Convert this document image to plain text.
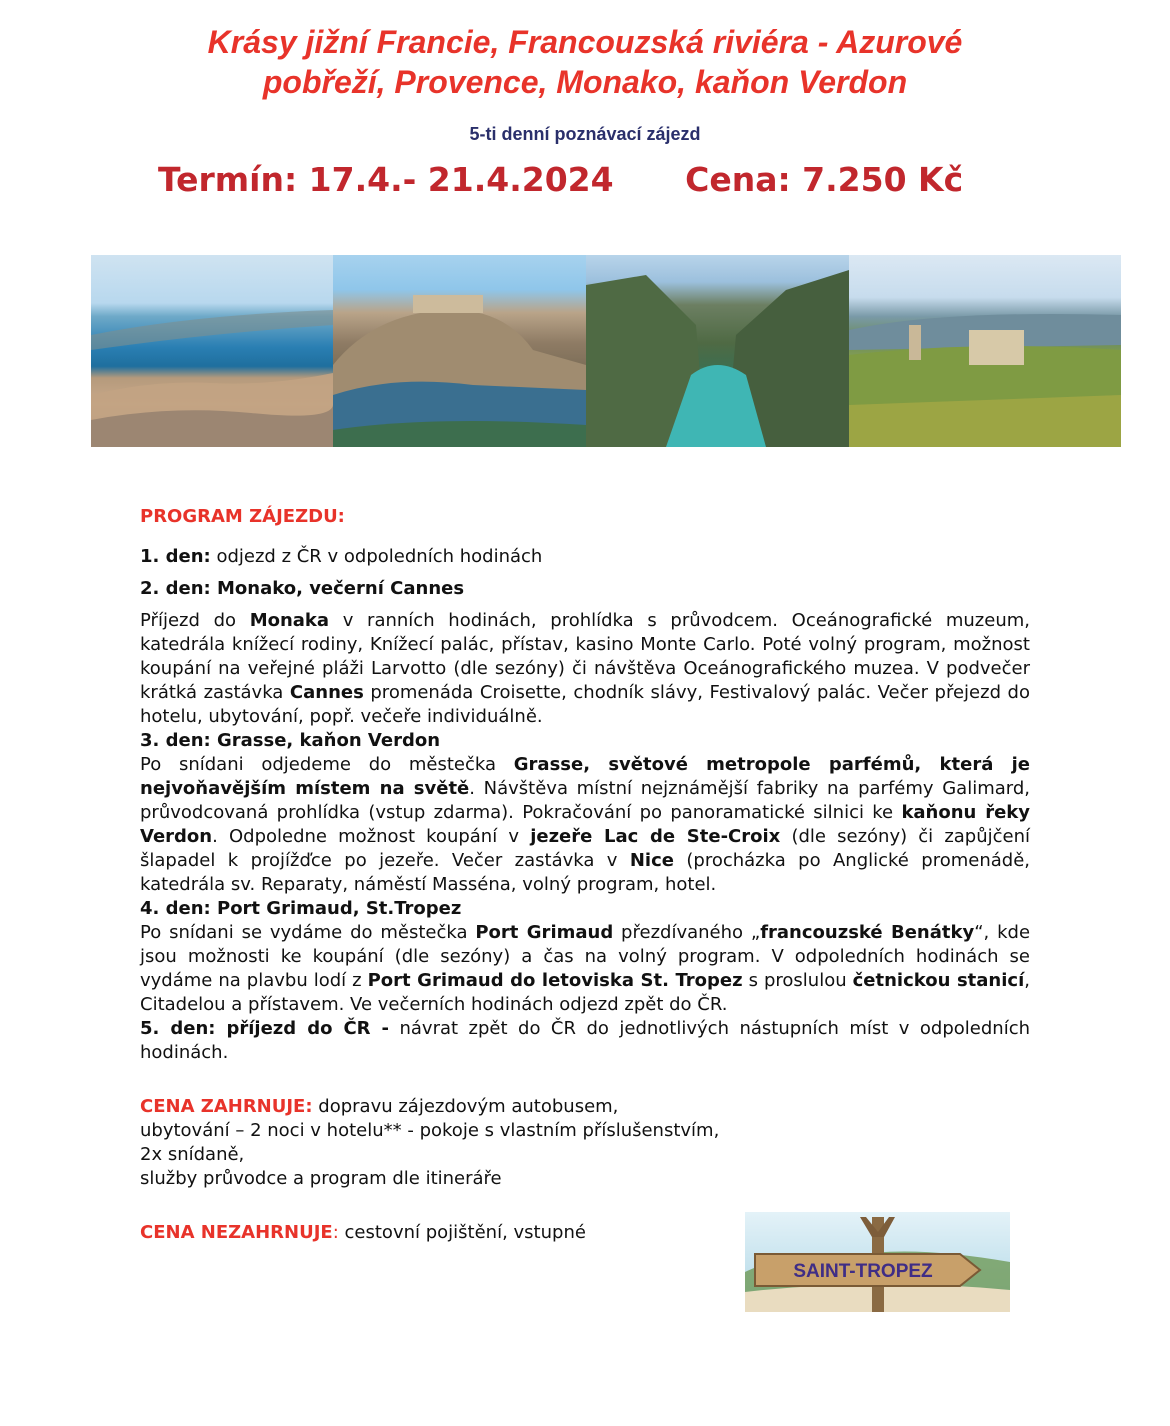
Krásy jižní Francie, Francouzská riviéra - Azurové
pobřeží, Provence, Monako, kaňon Verdon

5-ti denní poznávací zájezd

Termín: 17.4.- 21.4.2024 Cena: 7.250 Kč

PROGRAM ZÁJEZDU:

1. den: odjezd z ČR v odpoledních hodinách

2. den: Monako, večerní Cannes

Příjezd do Monaka v ranních hodinách, prohlídka s průvodcem. Oceánografické muzeum, katedrála knížecí rodiny, Knížecí palác, přístav, kasino Monte Carlo. Poté volný program, možnost koupání na veřejné pláži Larvotto (dle sezóny) či návštěva Oceánografického muzea. V podvečer krátká zastávka Cannes promenáda Croisette, chodník slávy, Festivalový palác. Večer přejezd do hotelu, ubytování, popř. večeře individuálně.

3. den: Grasse, kaňon Verdon

Po snídani odjedeme do městečka Grasse, světové metropole parfémů, která je nejvoňavějším místem na světě. Návštěva místní nejznámější fabriky na parfémy Galimard, průvodcovaná prohlídka (vstup zdarma). Pokračování po panoramatické silnici ke kaňonu řeky Verdon. Odpoledne možnost koupání v jezeře Lac de Ste-Croix (dle sezóny) či zapůjčení šlapadel k projížďce po jezeře. Večer zastávka v Nice (procházka po Anglické promenádě, katedrála sv. Reparaty, náměstí Masséna, volný program, hotel.

4. den: Port Grimaud, St.Tropez

Po snídani se vydáme do městečka Port Grimaud přezdívaného „francouzské Benátky“, kde jsou možnosti ke koupání (dle sezóny) a čas na volný program. V odpoledních hodinách se vydáme na plavbu lodí z Port Grimaud do letoviska St. Tropez s proslulou četnickou stanicí, Citadelou a přístavem. Ve večerních hodinách odjezd zpět do ČR.

5. den: příjezd do ČR - návrat zpět do ČR do jednotlivých nástupních míst v odpoledních hodinách.

CENA ZAHRNUJE: dopravu zájezdovým autobusem,

ubytování – 2 noci v hotelu** - pokoje s vlastním příslušenstvím,

2x snídaně,

služby průvodce a program dle itineráře

CENA NEZAHRNUJE: cestovní pojištění, vstupné

SAINT-TROPEZ
